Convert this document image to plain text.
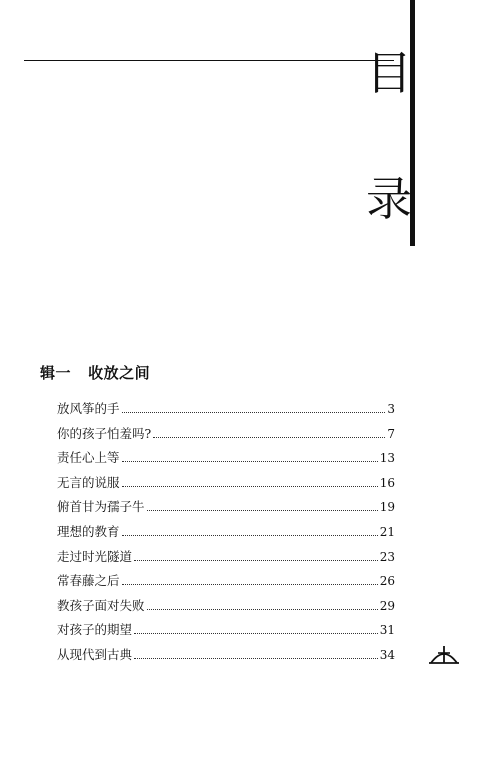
目
录
辑一   收放之间
放风筝的手	3
你的孩子怕羞吗?	7
责任心上等	13
无言的说服	16
俯首甘为孺子牛	19
理想的教育	21
走过时光隧道	23
常春藤之后	26
教孩子面对失败	29
对孩子的期望	31
从现代到古典	34
